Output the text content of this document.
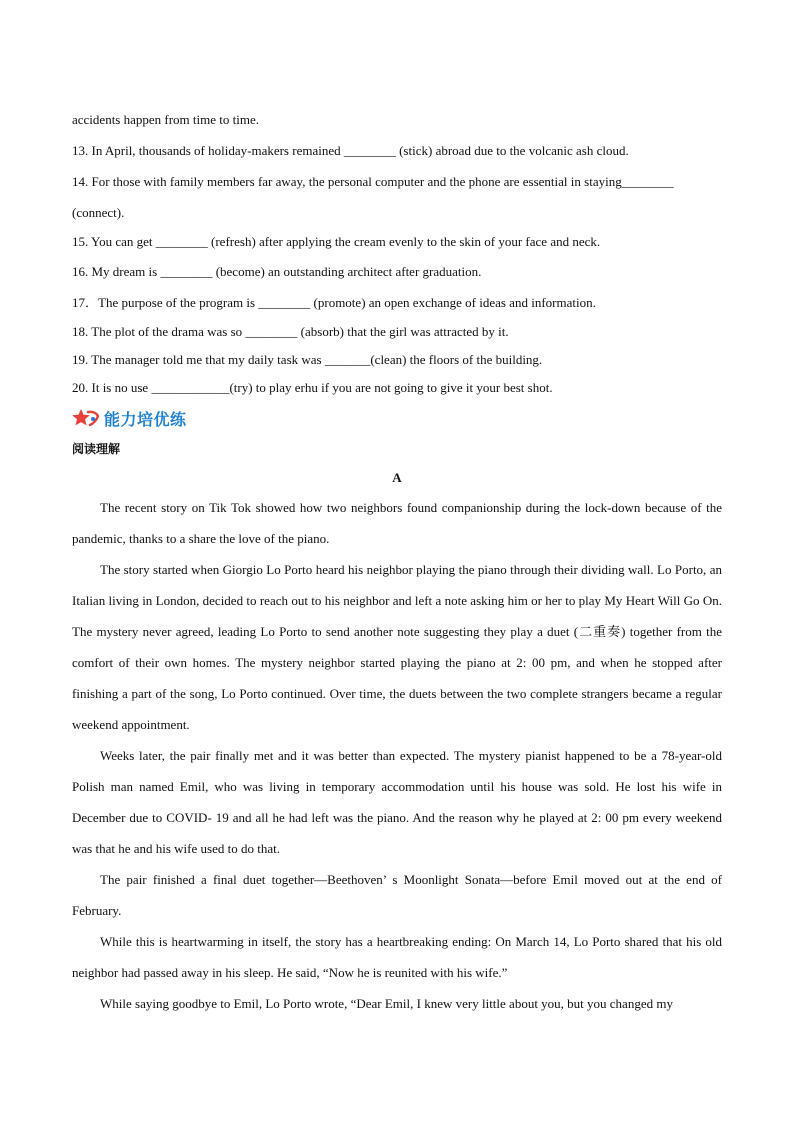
accidents happen from time to time.

13. In April, thousands of holiday-makers remained ________ (stick) abroad due to the volcanic ash cloud.

14. For those with family members far away, the personal computer and the phone are essential in staying________ (connect).

15. You can get ________ (refresh) after applying the cream evenly to the skin of your face and neck.

16. My dream is ________ (become) an outstanding architect after graduation.

17．The purpose of the program is ________ (promote) an open exchange of ideas and information.

18. The plot of the drama was so ________ (absorb) that the girl was attracted by it.

19. The manager told me that my daily task was _______(clean) the floors of the building.

20. It is no use ____________(try) to play erhu if you are not going to give it your best shot.

能力培优练

阅读理解

A

The recent story on Tik Tok showed how two neighbors found companionship during the lock-down because of the pandemic, thanks to a share the love of the piano.

The story started when Giorgio Lo Porto heard his neighbor playing the piano through their dividing wall. Lo Porto, an Italian living in London, decided to reach out to his neighbor and left a note asking him or her to play My Heart Will Go On. The mystery never agreed, leading Lo Porto to send another note suggesting they play a duet (二重奏) together from the comfort of their own homes. The mystery neighbor started playing the piano at 2: 00 pm, and when he stopped after finishing a part of the song, Lo Porto continued. Over time, the duets between the two complete strangers became a regular weekend appointment.

Weeks later, the pair finally met and it was better than expected. The mystery pianist happened to be a 78-year-old Polish man named Emil, who was living in temporary accommodation until his house was sold. He lost his wife in December due to COVID- 19 and all he had left was the piano. And the reason why he played at 2: 00 pm every weekend was that he and his wife used to do that.

The pair finished a final duet together—Beethoven’ s Moonlight Sonata—before Emil moved out at the end of February.

While this is heartwarming in itself, the story has a heartbreaking ending: On March 14, Lo Porto shared that his old neighbor had passed away in his sleep. He said, “Now he is reunited with his wife.”

While saying goodbye to Emil, Lo Porto wrote, “Dear Emil, I knew very little about you, but you changed my
